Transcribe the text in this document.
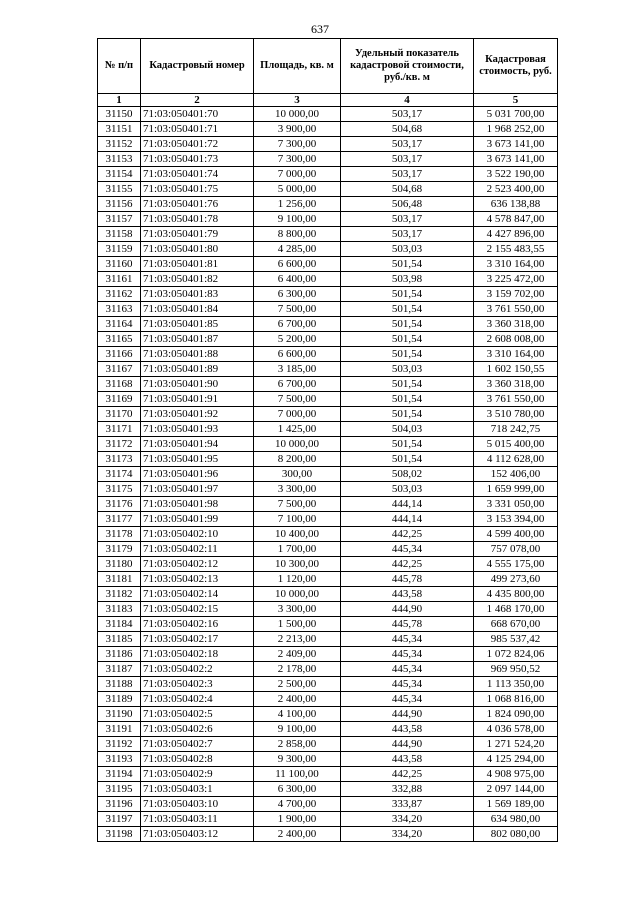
637
№ п/п	Кадастровый номер	Площадь, кв. м	Удельный показатель кадастровой стоимости, руб./кв. м	Кадастровая стоимость, руб.
1	2	3	4	5
31150	71:03:050401:70	10 000,00	503,17	5 031 700,00
31151	71:03:050401:71	3 900,00	504,68	1 968 252,00
31152	71:03:050401:72	7 300,00	503,17	3 673 141,00
31153	71:03:050401:73	7 300,00	503,17	3 673 141,00
31154	71:03:050401:74	7 000,00	503,17	3 522 190,00
31155	71:03:050401:75	5 000,00	504,68	2 523 400,00
31156	71:03:050401:76	1 256,00	506,48	636 138,88
31157	71:03:050401:78	9 100,00	503,17	4 578 847,00
31158	71:03:050401:79	8 800,00	503,17	4 427 896,00
31159	71:03:050401:80	4 285,00	503,03	2 155 483,55
31160	71:03:050401:81	6 600,00	501,54	3 310 164,00
31161	71:03:050401:82	6 400,00	503,98	3 225 472,00
31162	71:03:050401:83	6 300,00	501,54	3 159 702,00
31163	71:03:050401:84	7 500,00	501,54	3 761 550,00
31164	71:03:050401:85	6 700,00	501,54	3 360 318,00
31165	71:03:050401:87	5 200,00	501,54	2 608 008,00
31166	71:03:050401:88	6 600,00	501,54	3 310 164,00
31167	71:03:050401:89	3 185,00	503,03	1 602 150,55
31168	71:03:050401:90	6 700,00	501,54	3 360 318,00
31169	71:03:050401:91	7 500,00	501,54	3 761 550,00
31170	71:03:050401:92	7 000,00	501,54	3 510 780,00
31171	71:03:050401:93	1 425,00	504,03	718 242,75
31172	71:03:050401:94	10 000,00	501,54	5 015 400,00
31173	71:03:050401:95	8 200,00	501,54	4 112 628,00
31174	71:03:050401:96	300,00	508,02	152 406,00
31175	71:03:050401:97	3 300,00	503,03	1 659 999,00
31176	71:03:050401:98	7 500,00	444,14	3 331 050,00
31177	71:03:050401:99	7 100,00	444,14	3 153 394,00
31178	71:03:050402:10	10 400,00	442,25	4 599 400,00
31179	71:03:050402:11	1 700,00	445,34	757 078,00
31180	71:03:050402:12	10 300,00	442,25	4 555 175,00
31181	71:03:050402:13	1 120,00	445,78	499 273,60
31182	71:03:050402:14	10 000,00	443,58	4 435 800,00
31183	71:03:050402:15	3 300,00	444,90	1 468 170,00
31184	71:03:050402:16	1 500,00	445,78	668 670,00
31185	71:03:050402:17	2 213,00	445,34	985 537,42
31186	71:03:050402:18	2 409,00	445,34	1 072 824,06
31187	71:03:050402:2	2 178,00	445,34	969 950,52
31188	71:03:050402:3	2 500,00	445,34	1 113 350,00
31189	71:03:050402:4	2 400,00	445,34	1 068 816,00
31190	71:03:050402:5	4 100,00	444,90	1 824 090,00
31191	71:03:050402:6	9 100,00	443,58	4 036 578,00
31192	71:03:050402:7	2 858,00	444,90	1 271 524,20
31193	71:03:050402:8	9 300,00	443,58	4 125 294,00
31194	71:03:050402:9	11 100,00	442,25	4 908 975,00
31195	71:03:050403:1	6 300,00	332,88	2 097 144,00
31196	71:03:050403:10	4 700,00	333,87	1 569 189,00
31197	71:03:050403:11	1 900,00	334,20	634 980,00
31198	71:03:050403:12	2 400,00	334,20	802 080,00
